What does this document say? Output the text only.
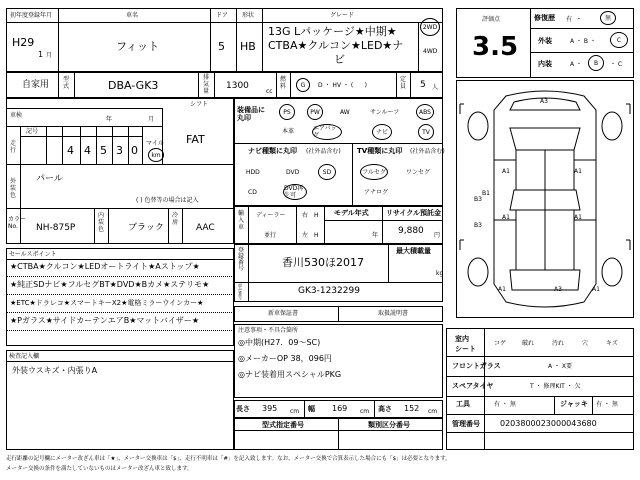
初年度登録年月
H29
1 月
車名
フィット
ドア
5
形状
HB
グレード
13G Lパッケージ★中期★
CTBA★クルコン★LED★ナ
ビ
2WD
4WD
自家用
型
式	DBA-GK3
排
気
量
1300
cc
燃
料	G	D ・ HV ・ (      )
定
員 5 人
シフト
FAT
車検
年	月
走
行
記号
4 4 5 3 0
マイル
km
外
装
色
パール
( ) 色替等の場合は記入
カラー
No.	NH-875P
内
装
色	ブラック
冷
房
AAC
装備品に
丸印
PS	PW	AW	サンルーフ	ABS
本革	エアバッグ	ナビ	TV
ナビ種類に丸印 (社外品含む)
HDD	DVD	SD
CD
DVD再生可
TV種類に丸印 (社外品含む)
フルセグ	ワンセグ
アナログ
輸
入
車
ディーラー
並行
右
左
H
H
モデル年式
年
リサイクル預託金
9,880 円
登
録
番
号	香川530ほ2017
最大積載量
kg
車
台
番
号
GK3-1232299
評価点
3.5
修復歴 有  ・	無
外装	A ・ B ・	C
内装	A ・	B	・ C
A3
A1	A1
B3
B3
B1
A1	A1
A3
A1	A1
セールスポイント
★CTBA★クルコン★LEDオートライト★Aストップ★
★純正SDナビ★フルセグBT★DVD★Bカメ★ステリモ★
★ETC★ドラレコ★スマートキーX2★電格ミラーウインカー★
★Pガラス★サイドカーテンエアB★マットバイザー★
検査記入欄
外装ウスキズ・内張りA
新車保証書	取扱説明書
注意事項・不具合箇所
◎中期(H27．09〜SC)
◎メーカーOP 38，096円
◎ナビ装着用スペシャルPKG
長さ 395 cm 幅 169 cm 高さ 152 cm
型式指定番号	類別区分番号
室内
シート
コゲ	破れ	汚れ	穴	キズ
フロントガラス	A ・ X要
スペアタイヤ	T ・ 修理KIT ・ 欠
工具	有 ・ 無	ジャッキ 有 ・ 無
管理番号	0203800023000043680
走行距離の記号欄にメーター改ざん車は「★」、メーター交換車は「$」、走行不明車は「#」を記入致します。なお、メーター交換で合算表示した場合にも「$」は必要となります。
メーター交換の条件を満たしていないものはメーター改ざん車と致します。
